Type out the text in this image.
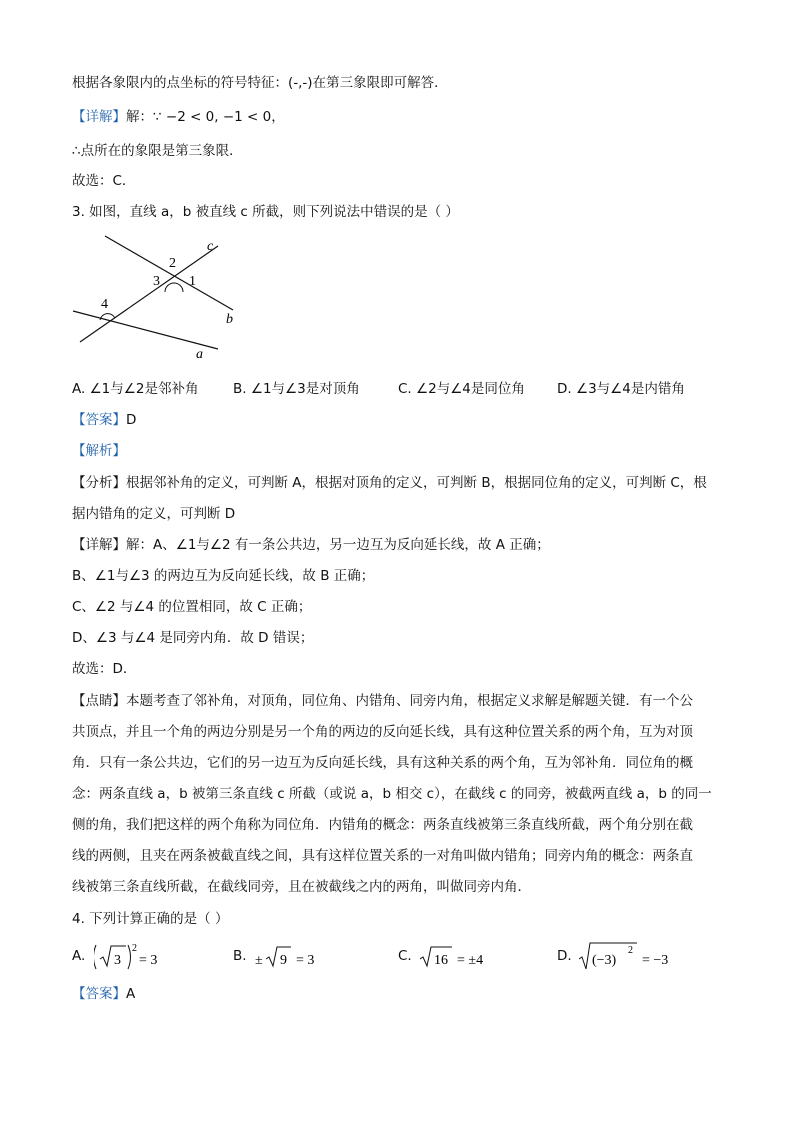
根据各象限内的点坐标的符号特征：(-,-)在第三象限即可解答．
【详解】解：∵ −2 < 0, −1 < 0，
∴点所在的象限是第三象限．
故选：C．
3. 如图，直线 a，b 被直线 c 所截，则下列说法中错误的是（ ）
c
b
a
2
1
3
4
A. ∠1与∠2是邻补角	B. ∠1与∠3是对顶角	C. ∠2与∠4是同位角 D. ∠3与∠4是内错角
【答案】D
【解析】
【分析】根据邻补角的定义，可判断 A，根据对顶角的定义，可判断 B，根据同位角的定义，可判断 C，根
据内错角的定义，可判断 D
【详解】解：A、∠1与∠2 有一条公共边，另一边互为反向延长线，故 A 正确；
B、∠1与∠3 的两边互为反向延长线，故 B 正确；
C、∠2 与∠4 的位置相同，故 C 正确；
D、∠3 与∠4 是同旁内角．故 D 错误；
故选：D．
【点睛】本题考查了邻补角，对顶角，同位角、内错角、同旁内角，根据定义求解是解题关键．有一个公
共顶点，并且一个角的两边分别是另一个角的两边的反向延长线，具有这种位置关系的两个角，互为对顶
角．只有一条公共边，它们的另一边互为反向延长线，具有这种关系的两个角，互为邻补角．同位角的概
念：两条直线 a，b 被第三条直线 c 所截（或说 a，b 相交 c），在截线 c 的同旁，被截两直线 a，b 的同一
侧的角，我们把这样的两个角称为同位角．内错角的概念：两条直线被第三条直线所截，两个角分别在截
线的两侧，且夹在两条被截直线之间，具有这样位置关系的一对角叫做内错角；同旁内角的概念：两条直
线被第三条直线所截，在截线同旁，且在被截线之内的两角，叫做同旁内角．
4. 下列计算正确的是（ ）
A. 3
2
= 3	B. ± 9 = 3	C. 16 = ±4	D. (−3)
2
= −3
【答案】A
